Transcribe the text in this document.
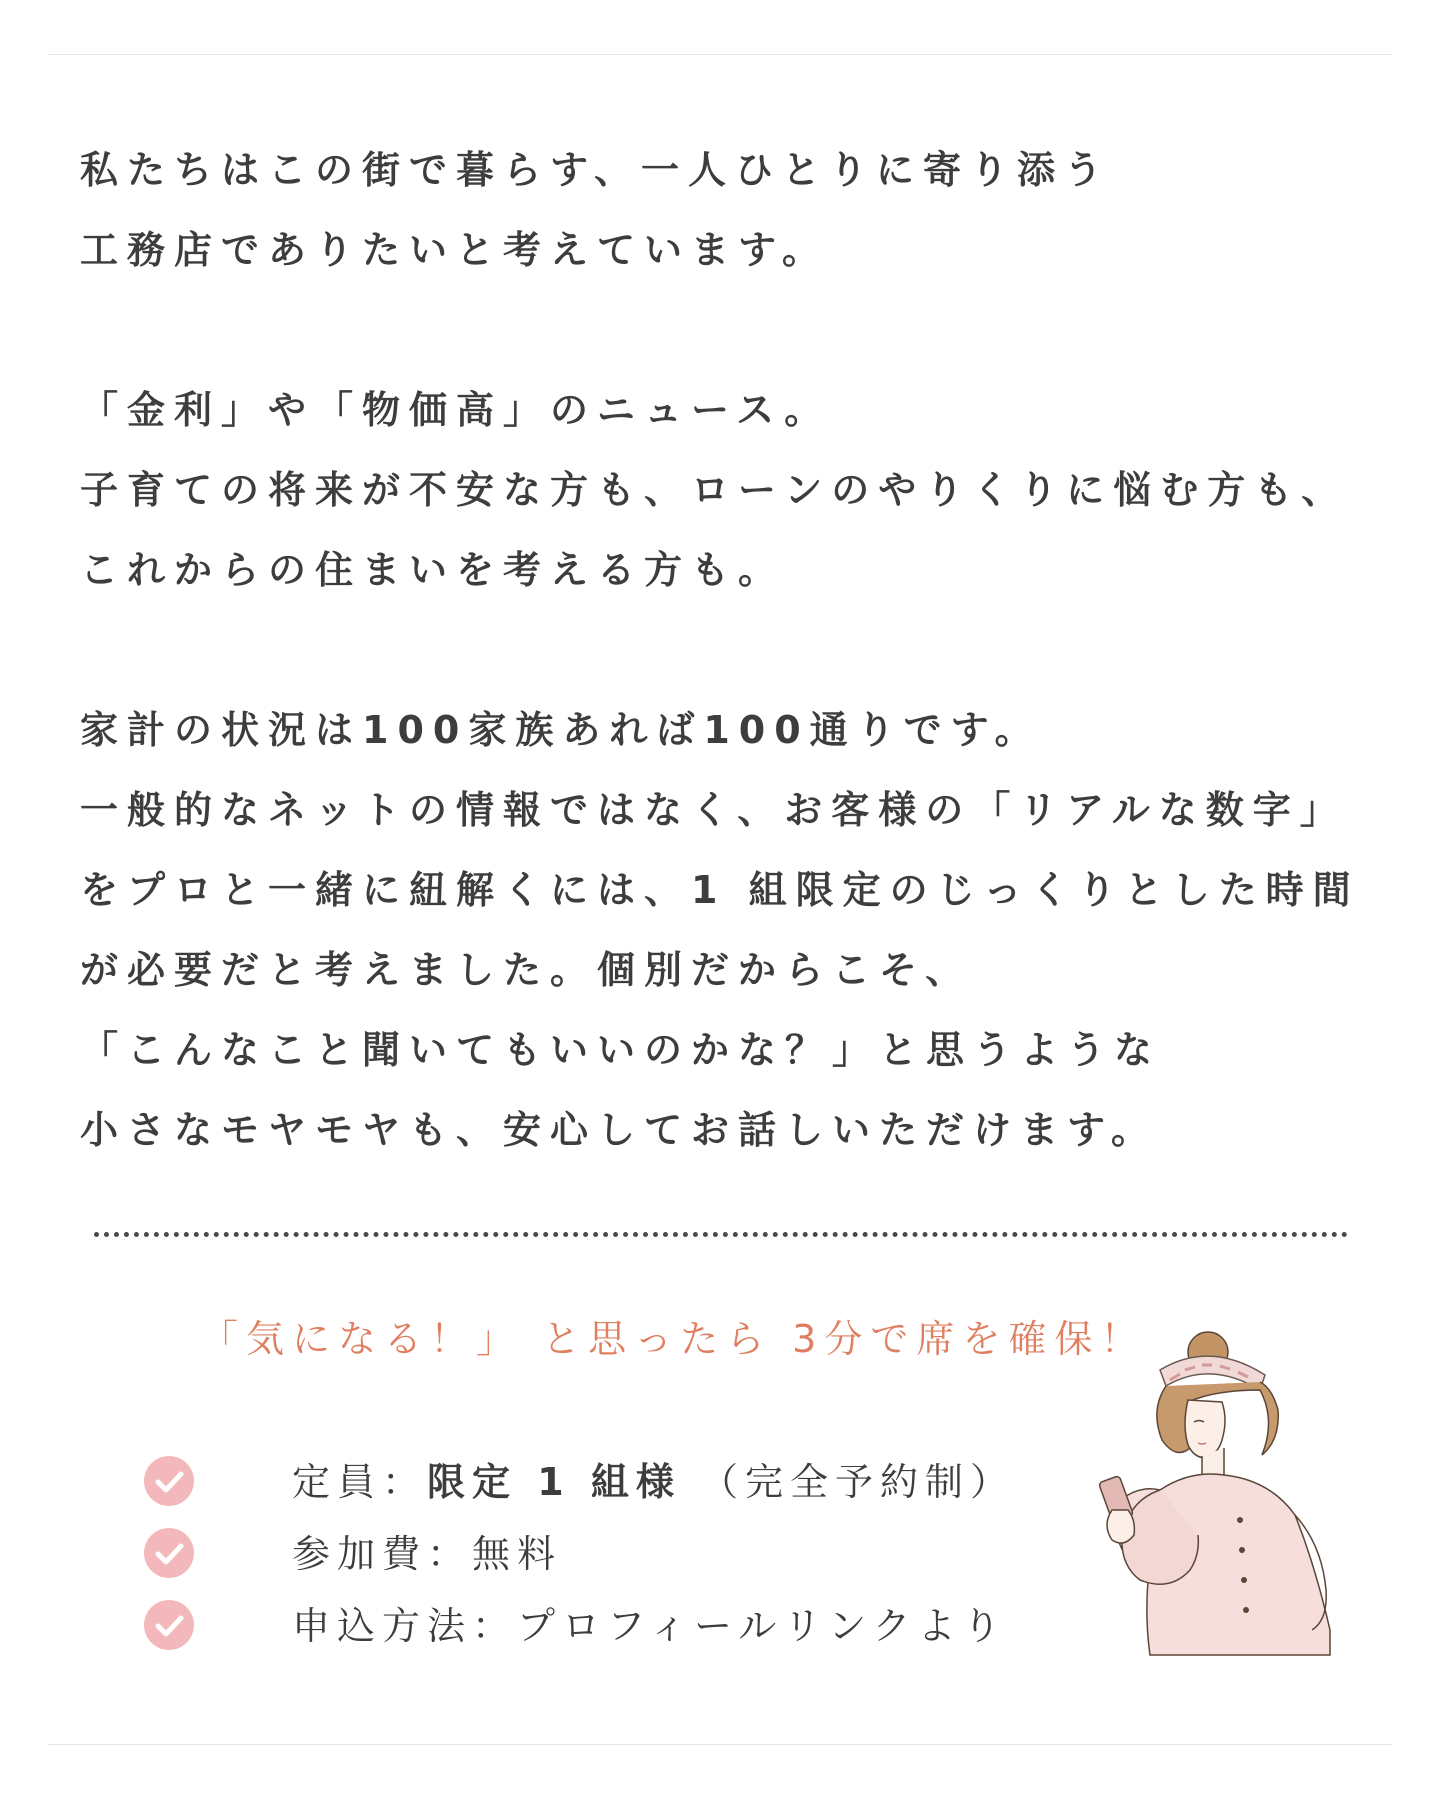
私たちはこの街で暮らす、一人ひとりに寄り添う
工務店でありたいと考えています。

「金利」や「物価高」のニュース。
子育ての将来が不安な方も、ローンのやりくりに悩む方も、
これからの住まいを考える方も。

家計の状況は100家族あれば100通りです。
一般的なネットの情報ではなく、お客様の「リアルな数字」
をプロと一緒に紐解くには、1 組限定のじっくりとした時間
が必要だと考えました。個別だからこそ、
「こんなこと聞いてもいいのかな？」と思うような
小さなモヤモヤも、安心してお話しいただけます。

「気になる！」 と思ったら 3分で席を確保！
定員：限定 1 組様 （完全予約制）
参加費：無料
申込方法：プロフィールリンクより
